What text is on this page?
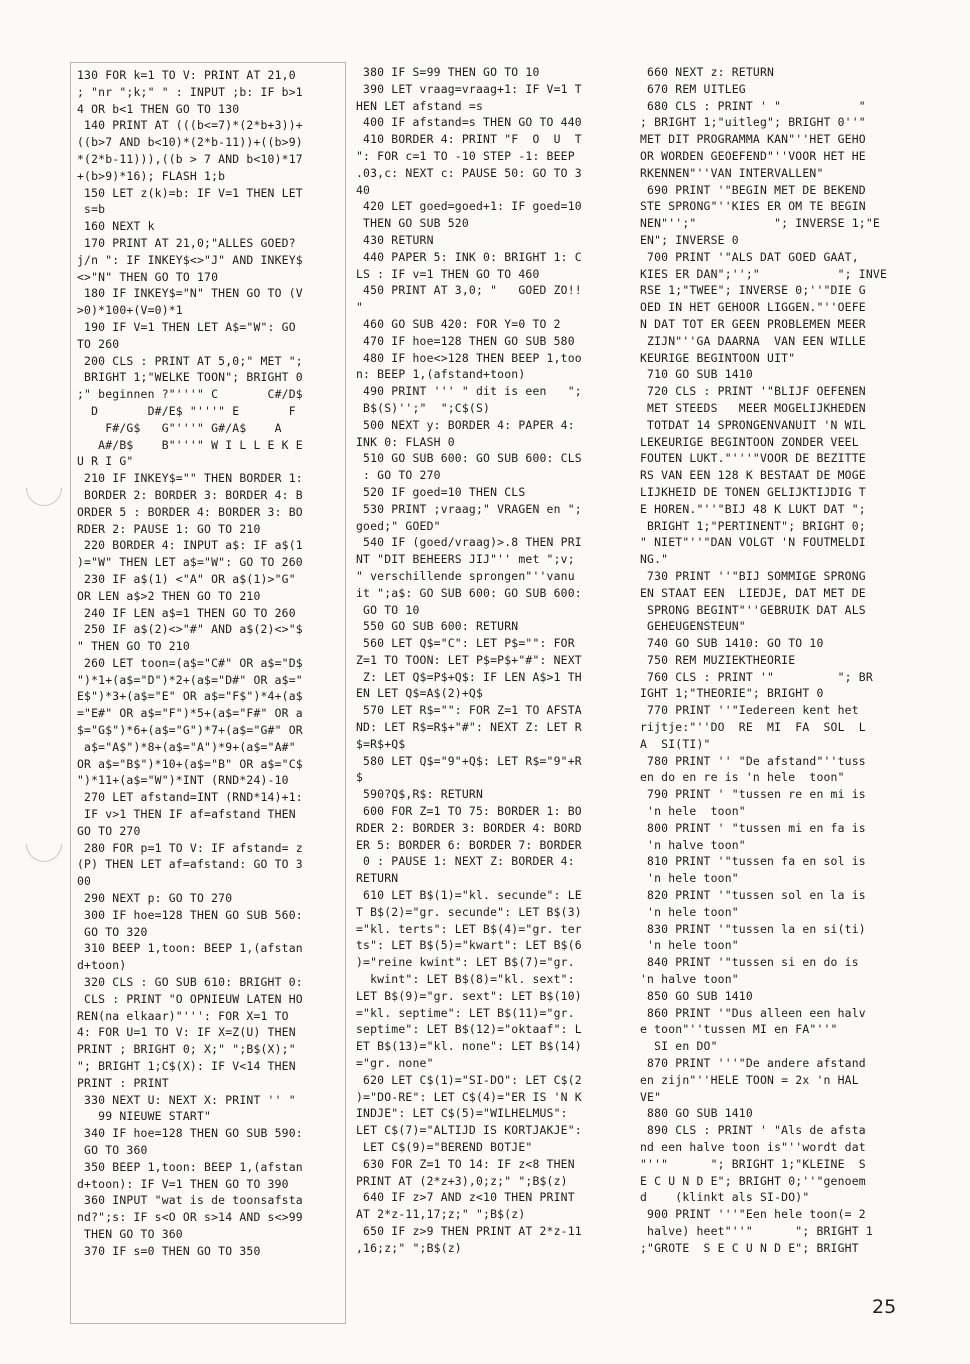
130 FOR k=1 TO V: PRINT AT 21,0
; "nr ";k;" " : INPUT ;b: IF b>1
4 OR b<1 THEN GO TO 130
140 PRINT AT (((b<=7)*(2*b+3))+
((b>7 AND b<10)*(2*b-11))+((b>9)
*(2*b-11))),((b > 7 AND b<10)*17
+(b>9)*16); FLASH 1;b
150 LET z(k)=b: IF V=1 THEN LET
s=b
160 NEXT k
170 PRINT AT 21,0;"ALLES GOED?
j/n ": IF INKEY$<>"J" AND INKEY$
<>"N" THEN GO TO 170
180 IF INKEY$="N" THEN GO TO (V
>0)*100+(V=0)*1
190 IF V=1 THEN LET A$="W": GO
TO 260
200 CLS : PRINT AT 5,0;" MET ";
BRIGHT 1;"WELKE TOON"; BRIGHT 0
;" beginnen ?"'''" C       C#/D$
D       D#/E$ "'''" E       F
F#/G$   G"'''" G#/A$    A
A#/B$    B"'''" W I L L E K E
U R I G"
210 IF INKEY$="" THEN BORDER 1:
BORDER 2: BORDER 3: BORDER 4: B
ORDER 5 : BORDER 4: BORDER 3: BO
RDER 2: PAUSE 1: GO TO 210
220 BORDER 4: INPUT a$: IF a$(1
)="W" THEN LET a$="W": GO TO 260
230 IF a$(1) <"A" OR a$(1)>"G"
OR LEN a$>2 THEN GO TO 210
240 IF LEN a$=1 THEN GO TO 260
250 IF a$(2)<>"#" AND a$(2)<>"$
" THEN GO TO 210
260 LET toon=(a$="C#" OR a$="D$
")*1+(a$="D")*2+(a$="D#" OR a$="
E$")*3+(a$="E" OR a$="F$")*4+(a$
="E#" OR a$="F")*5+(a$="F#" OR a
$="G$")*6+(a$="G")*7+(a$="G#" OR
a$="A$")*8+(a$="A")*9+(a$="A#"
OR a$="B$")*10+(a$="B" OR a$="C$
")*11+(a$="W")*INT (RND*24)-10
270 LET afstand=INT (RND*14)+1:
IF v>1 THEN IF af=afstand THEN
GO TO 270
280 FOR p=1 TO V: IF afstand= z
(P) THEN LET af=afstand: GO TO 3
00
290 NEXT p: GO TO 270
300 IF hoe=128 THEN GO SUB 560:
GO TO 320
310 BEEP 1,toon: BEEP 1,(afstan
d+toon)
320 CLS : GO SUB 610: BRIGHT 0:
CLS : PRINT "O OPNIEUW LATEN HO
REN(na elkaar)"''': FOR X=1 TO
4: FOR U=1 TO V: IF X=Z(U) THEN
PRINT ; BRIGHT 0; X;" ";B$(X);"
"; BRIGHT 1;C$(X): IF V<14 THEN
PRINT : PRINT
330 NEXT U: NEXT X: PRINT '' "
99 NIEUWE START"
340 IF hoe=128 THEN GO SUB 590:
GO TO 360
350 BEEP 1,toon: BEEP 1,(afstan
d+toon): IF V=1 THEN GO TO 390
360 INPUT "wat is de toonsafsta
nd?";s: IF s<O OR s>14 AND s<>99
THEN GO TO 360
370 IF s=0 THEN GO TO 350
380 IF S=99 THEN GO TO 10
390 LET vraag=vraag+1: IF V=1 T
HEN LET afstand =s
400 IF afstand=s THEN GO TO 440
410 BORDER 4: PRINT "F  O  U  T
": FOR c=1 TO -10 STEP -1: BEEP
.03,c: NEXT c: PAUSE 50: GO TO 3
40
420 LET goed=goed+1: IF goed=10
THEN GO SUB 520
430 RETURN
440 PAPER 5: INK 0: BRIGHT 1: C
LS : IF v=1 THEN GO TO 460
450 PRINT AT 3,0; "   GOED ZO!!
"
460 GO SUB 420: FOR Y=0 TO 2
470 IF hoe=128 THEN GO SUB 580
480 IF hoe<>128 THEN BEEP 1,too
n: BEEP 1,(afstand+toon)
490 PRINT ''' " dit is een   ";
B$(S)'';"  ";C$(S)
500 NEXT y: BORDER 4: PAPER 4:
INK 0: FLASH 0
510 GO SUB 600: GO SUB 600: CLS
: GO TO 270
520 IF goed=10 THEN CLS
530 PRINT ;vraag;" VRAGEN en ";
goed;" GOED"
540 IF (goed/vraag)>.8 THEN PRI
NT "DIT BEHEERS JIJ"'' met ";v;
" verschillende sprongen"''vanu
it ";a$: GO SUB 600: GO SUB 600:
GO TO 10
550 GO SUB 600: RETURN
560 LET Q$="C": LET P$="": FOR
Z=1 TO TOON: LET P$=P$+"#": NEXT
Z: LET Q$=P$+Q$: IF LEN A$>1 TH
EN LET Q$=A$(2)+Q$
570 LET R$="": FOR Z=1 TO AFSTA
ND: LET R$=R$+"#": NEXT Z: LET R
$=R$+Q$
580 LET Q$="9"+Q$: LET R$="9"+R
$
590?Q$,R$: RETURN
600 FOR Z=1 TO 75: BORDER 1: BO
RDER 2: BORDER 3: BORDER 4: BORD
ER 5: BORDER 6: BORDER 7: BORDER
0 : PAUSE 1: NEXT Z: BORDER 4:
RETURN
610 LET B$(1)="kl. secunde": LE
T B$(2)="gr. secunde": LET B$(3)
="kl. terts": LET B$(4)="gr. ter
ts": LET B$(5)="kwart": LET B$(6
)="reine kwint": LET B$(7)="gr.
kwint": LET B$(8)="kl. sext":
LET B$(9)="gr. sext": LET B$(10)
="kl. septime": LET B$(11)="gr.
septime": LET B$(12)="oktaaf": L
ET B$(13)="kl. none": LET B$(14)
="gr. none"
620 LET C$(1)="SI-DO": LET C$(2
)="DO-RE": LET C$(4)="ER IS 'N K
INDJE": LET C$(5)="WILHELMUS":
LET C$(7)="ALTIJD IS KORTJAKJE":
LET C$(9)="BEREND BOTJE"
630 FOR Z=1 TO 14: IF z<8 THEN
PRINT AT (2*z+3),0;z;" ";B$(z)
640 IF z>7 AND z<10 THEN PRINT
AT 2*z-11,17;z;" ";B$(z)
650 IF z>9 THEN PRINT AT 2*z-11
,16;z;" ";B$(z)
660 NEXT z: RETURN
670 REM UITLEG
680 CLS : PRINT ' "           "
; BRIGHT 1;"uitleg"; BRIGHT 0''"
MET DIT PROGRAMMA KAN"''HET GEHO
OR WORDEN GEOEFEND"''VOOR HET HE
RKENNEN"''VAN INTERVALLEN"
690 PRINT '"BEGIN MET DE BEKEND
STE SPRONG"''KIES ER OM TE BEGIN
NEN"'';"           "; INVERSE 1;"E
EN"; INVERSE 0
700 PRINT '"ALS DAT GOED GAAT,
KIES ER DAN";'';"           "; INVE
RSE 1;"TWEE"; INVERSE 0;''"DIE G
OED IN HET GEHOOR LIGGEN."''OEFE
N DAT TOT ER GEEN PROBLEMEN MEER
ZIJN"''GA DAARNA  VAN EEN WILLE
KEURIGE BEGINTOON UIT"
710 GO SUB 1410
720 CLS : PRINT '"BLIJF OEFENEN
MET STEEDS   MEER MOGELIJKHEDEN
TOTDAT 14 SPRONGENVANUIT 'N WIL
LEKEURIGE BEGINTOON ZONDER VEEL
FOUTEN LUKT."'''"VOOR DE BEZITTE
RS VAN EEN 128 K BESTAAT DE MOGE
LIJKHEID DE TONEN GELIJKTIJDIG T
E HOREN."''"BIJ 48 K LUKT DAT ";
BRIGHT 1;"PERTINENT"; BRIGHT 0;
" NIET"''"DAN VOLGT 'N FOUTMELDI
NG."
730 PRINT ''"BIJ SOMMIGE SPRONG
EN STAAT EEN  LIEDJE, DAT MET DE
SPRONG BEGINT"''GEBRUIK DAT ALS
GEHEUGENSTEUN"
740 GO SUB 1410: GO TO 10
750 REM MUZIEKTHEORIE
760 CLS : PRINT '"         "; BR
IGHT 1;"THEORIE"; BRIGHT 0
770 PRINT ''"Iedereen kent het
rijtje:"''DO  RE  MI  FA  SOL  L
A  SI(TI)"
780 PRINT '' "De afstand"''tuss
en do en re is 'n hele  toon"
790 PRINT ' "tussen re en mi is
'n hele  toon"
800 PRINT ' "tussen mi en fa is
'n halve toon"
810 PRINT '"tussen fa en sol is
'n hele toon"
820 PRINT '"tussen sol en la is
'n hele toon"
830 PRINT '"tussen la en si(ti)
'n hele toon"
840 PRINT '"tussen si en do is
'n halve toon"
850 GO SUB 1410
860 PRINT '"Dus alleen een halv
e toon"''tussen MI en FA"''"
SI en DO"
870 PRINT '''"De andere afstand
en zijn"''HELE TOON = 2x 'n HAL
VE"
880 GO SUB 1410
890 CLS : PRINT ' "Als de afsta
nd een halve toon is"''wordt dat
"''"      "; BRIGHT 1;"KLEINE  S
E C U N D E"; BRIGHT 0;''"genoem
d    (klinkt als SI-DO)"
900 PRINT '''"Een hele toon(= 2
halve) heet"''"      "; BRIGHT 1
;"GROTE  S E C U N D E"; BRIGHT
25
